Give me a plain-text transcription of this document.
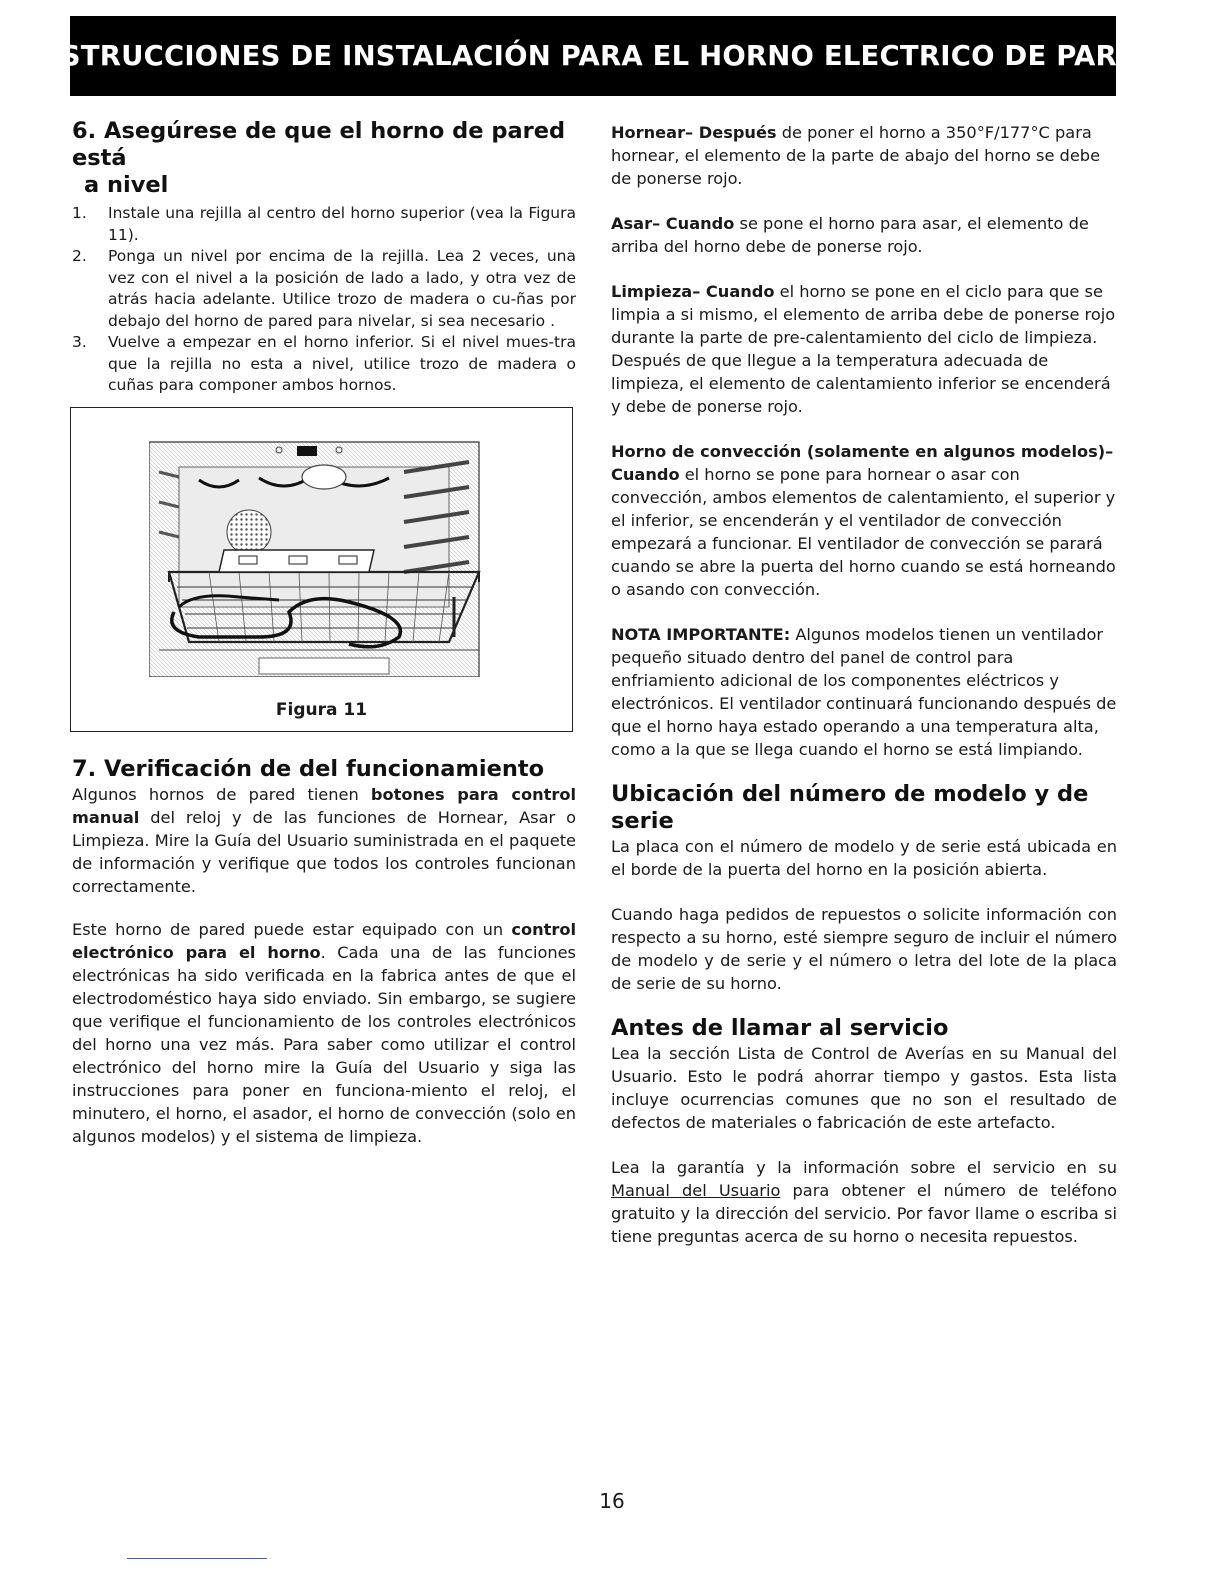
INSTRUCCIONES DE INSTALACIÓN PARA EL HORNO ELECTRICO DE PARED
6. Asegúrese de que el horno de pared está
a nivel
1. Instale una rejilla al centro del horno superior (vea la Figura 11).
2. Ponga un nivel por encima de la rejilla. Lea 2 veces, una vez con el nivel a la posición de lado a lado, y otra vez de atrás hacia adelante. Utilice trozo de madera o cu-ñas por debajo del horno de pared para nivelar, si sea necesario .
3. Vuelve a empezar en el horno inferior. Si el nivel mues-tra que la rejilla no esta a nivel, utilice trozo de madera o cuñas para componer ambos hornos.
Figura 11
7. Verificación de del funcionamiento

Algunos hornos de pared tienen botones para control manual del reloj y de las funciones de Hornear, Asar o Limpieza. Mire la Guía del Usuario suministrada en el paquete de información y verifique que todos los controles funcionan correctamente.

Este horno de pared puede estar equipado con un control electrónico para el horno. Cada una de las funciones electrónicas ha sido verificada en la fabrica antes de que el electrodoméstico haya sido enviado. Sin embargo, se sugiere que verifique el funcionamiento de los controles electrónicos del horno una vez más. Para saber como utilizar el control electrónico del horno mire la Guía del Usuario y siga las instrucciones para poner en funciona-miento el reloj, el minutero, el horno, el asador, el horno de convección (solo en algunos modelos) y el sistema de limpieza.

Hornear– Después de poner el horno a 350°F/177°C para hornear, el elemento de la parte de abajo del horno se debe de ponerse rojo.

Asar– Cuando se pone el horno para asar, el elemento de arriba del horno debe de ponerse rojo.

Limpieza– Cuando el horno se pone en el ciclo para que se limpia a si mismo, el elemento de arriba debe de ponerse rojo durante la parte de pre-calentamiento del ciclo de limpieza. Después de que llegue a la temperatura adecuada de limpieza, el elemento de calentamiento inferior se encenderá y debe de ponerse rojo.

Horno de convección (solamente en algunos modelos)– Cuando el horno se pone para hornear o asar con convección, ambos elementos de calentamiento, el superior y el inferior, se encenderán y el ventilador de convección empezará a funcionar. El ventilador de convección se parará cuando se abre la puerta del horno cuando se está horneando o asando con convección.

NOTA IMPORTANTE: Algunos modelos tienen un ventilador pequeño situado dentro del panel de control para enfriamiento adicional de los componentes eléctricos y electrónicos. El ventilador continuará funcionando después de que el horno haya estado operando a una temperatura alta, como a la que se llega cuando el horno se está limpiando.

Ubicación del número de modelo y de serie

La placa con el número de modelo y de serie está ubicada en el borde de la puerta del horno en la posición abierta.

Cuando haga pedidos de repuestos o solicite información con respecto a su horno, esté siempre seguro de incluir el número de modelo y de serie y el número o letra del lote de la placa de serie de su horno.

Antes de llamar al servicio

Lea la sección Lista de Control de Averías en su Manual del Usuario. Esto le podrá ahorrar tiempo y gastos. Esta lista incluye ocurrencias comunes que no son el resultado de defectos de materiales o fabricación de este artefacto.

Lea la garantía y la información sobre el servicio en su Manual del Usuario para obtener el número de teléfono gratuito y la dirección del servicio. Por favor llame o escriba si tiene preguntas acerca de su horno o necesita repuestos.

16
